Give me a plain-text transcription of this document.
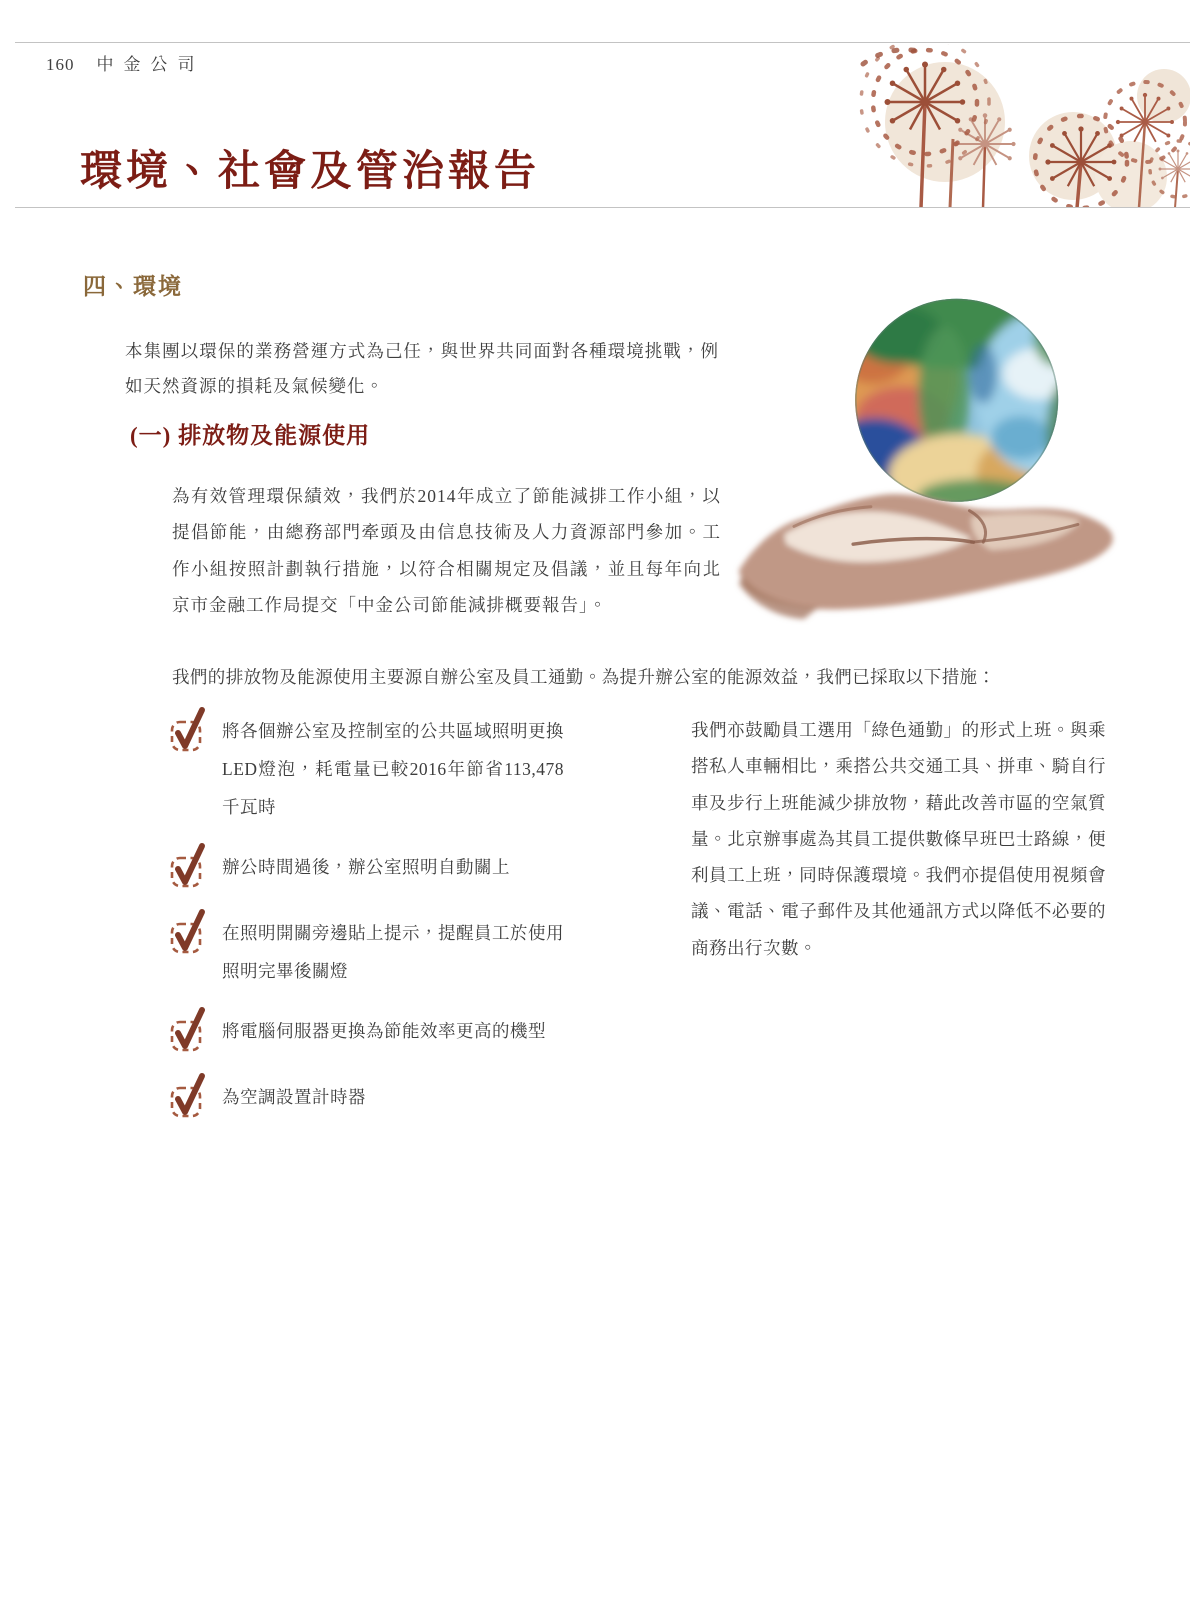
160 中金公司
環境、社會及管治報告
四、環境

本集團以環保的業務營運方式為己任，與世界共同面對各種環境挑戰，例如天然資源的損耗及氣候變化。

(一) 排放物及能源使用

為有效管理環保績效，我們於2014年成立了節能減排工作小組，以提倡節能，由總務部門牽頭及由信息技術及人力資源部門參加。工作小組按照計劃執行措施，以符合相關規定及倡議，並且每年向北京市金融工作局提交「中金公司節能減排概要報告」。

我們的排放物及能源使用主要源自辦公室及員工通勤。為提升辦公室的能源效益，我們已採取以下措施：

將各個辦公室及控制室的公共區域照明更換LED燈泡，耗電量已較2016年節省113,478千瓦時

辦公時間過後，辦公室照明自動關上

在照明開關旁邊貼上提示，提醒員工於使用照明完畢後關燈

將電腦伺服器更換為節能效率更高的機型

為空調設置計時器

我們亦鼓勵員工選用「綠色通勤」的形式上班。與乘搭私人車輛相比，乘搭公共交通工具、拼車、騎自行車及步行上班能減少排放物，藉此改善市區的空氣質量。北京辦事處為其員工提供數條早班巴士路線，便利員工上班，同時保護環境。我們亦提倡使用視頻會議、電話、電子郵件及其他通訊方式以降低不必要的商務出行次數。
